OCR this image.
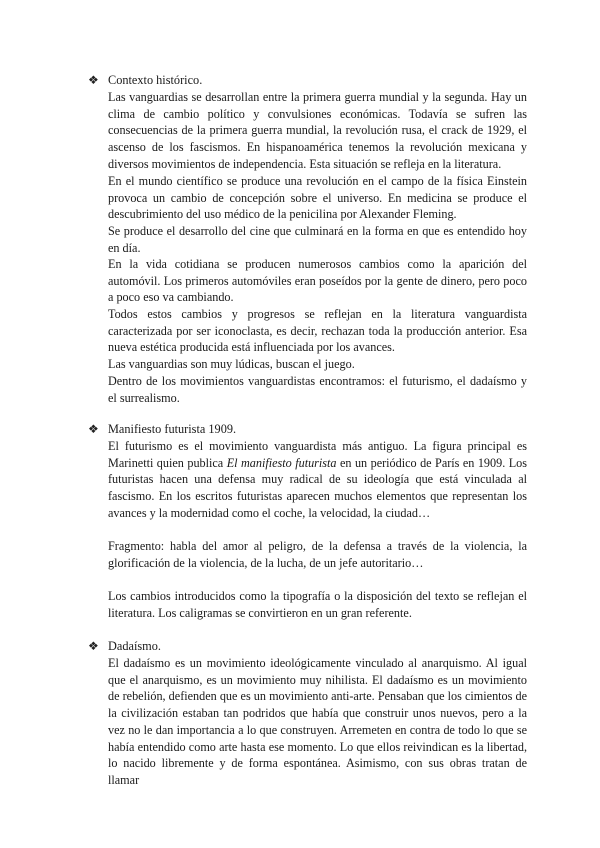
❖ Contexto histórico.

Las vanguardias se desarrollan entre la primera guerra mundial y la segunda. Hay un clima de cambio político y convulsiones económicas. Todavía se sufren las consecuencias de la primera guerra mundial, la revolución rusa, el crack de 1929, el ascenso de los fascismos. En hispanoamérica tenemos la revolución mexicana y diversos movimientos de independencia. Esta situación se refleja en la literatura.

En el mundo científico se produce una revolución en el campo de la física Einstein provoca un cambio de concepción sobre el universo. En medicina se produce el descubrimiento del uso médico de la penicilina por Alexander Fleming.

Se produce el desarrollo del cine que culminará en la forma en que es entendido hoy en día.

En la vida cotidiana se producen numerosos cambios como la aparición del automóvil. Los primeros automóviles eran poseídos por la gente de dinero, pero poco a poco eso va cambiando.

Todos estos cambios y progresos se reflejan en la literatura vanguardista caracterizada por ser iconoclasta, es decir, rechazan toda la producción anterior. Esa nueva estética producida está influenciada por los avances.

Las vanguardias son muy lúdicas, buscan el juego.

Dentro de los movimientos vanguardistas encontramos: el futurismo, el dadaísmo y el surrealismo.

❖ Manifiesto futurista 1909.

El futurismo es el movimiento vanguardista más antiguo. La figura principal es Marinetti quien publica El manifiesto futurista en un periódico de París en 1909. Los futuristas hacen una defensa muy radical de su ideología que está vinculada al fascismo. En los escritos futuristas aparecen muchos elementos que representan los avances y la modernidad como el coche, la velocidad, la ciudad…

Fragmento: habla del amor al peligro, de la defensa a través de la violencia, la glorificación de la violencia, de la lucha, de un jefe autoritario…

Los cambios introducidos como la tipografía o la disposición del texto se reflejan el literatura. Los caligramas se convirtieron en un gran referente.

❖ Dadaísmo.

El dadaísmo es un movimiento ideológicamente vinculado al anarquismo. Al igual que el anarquismo, es un movimiento muy nihilista. El dadaísmo es un movimiento de rebelión, defienden que es un movimiento anti-arte. Pensaban que los cimientos de la civilización estaban tan podridos que había que construir unos nuevos, pero a la vez no le dan importancia a lo que construyen. Arremeten en contra de todo lo que se había entendido como arte hasta ese momento. Lo que ellos reivindican es la libertad, lo nacido libremente y de forma espontánea. Asimismo, con sus obras tratan de llamar
